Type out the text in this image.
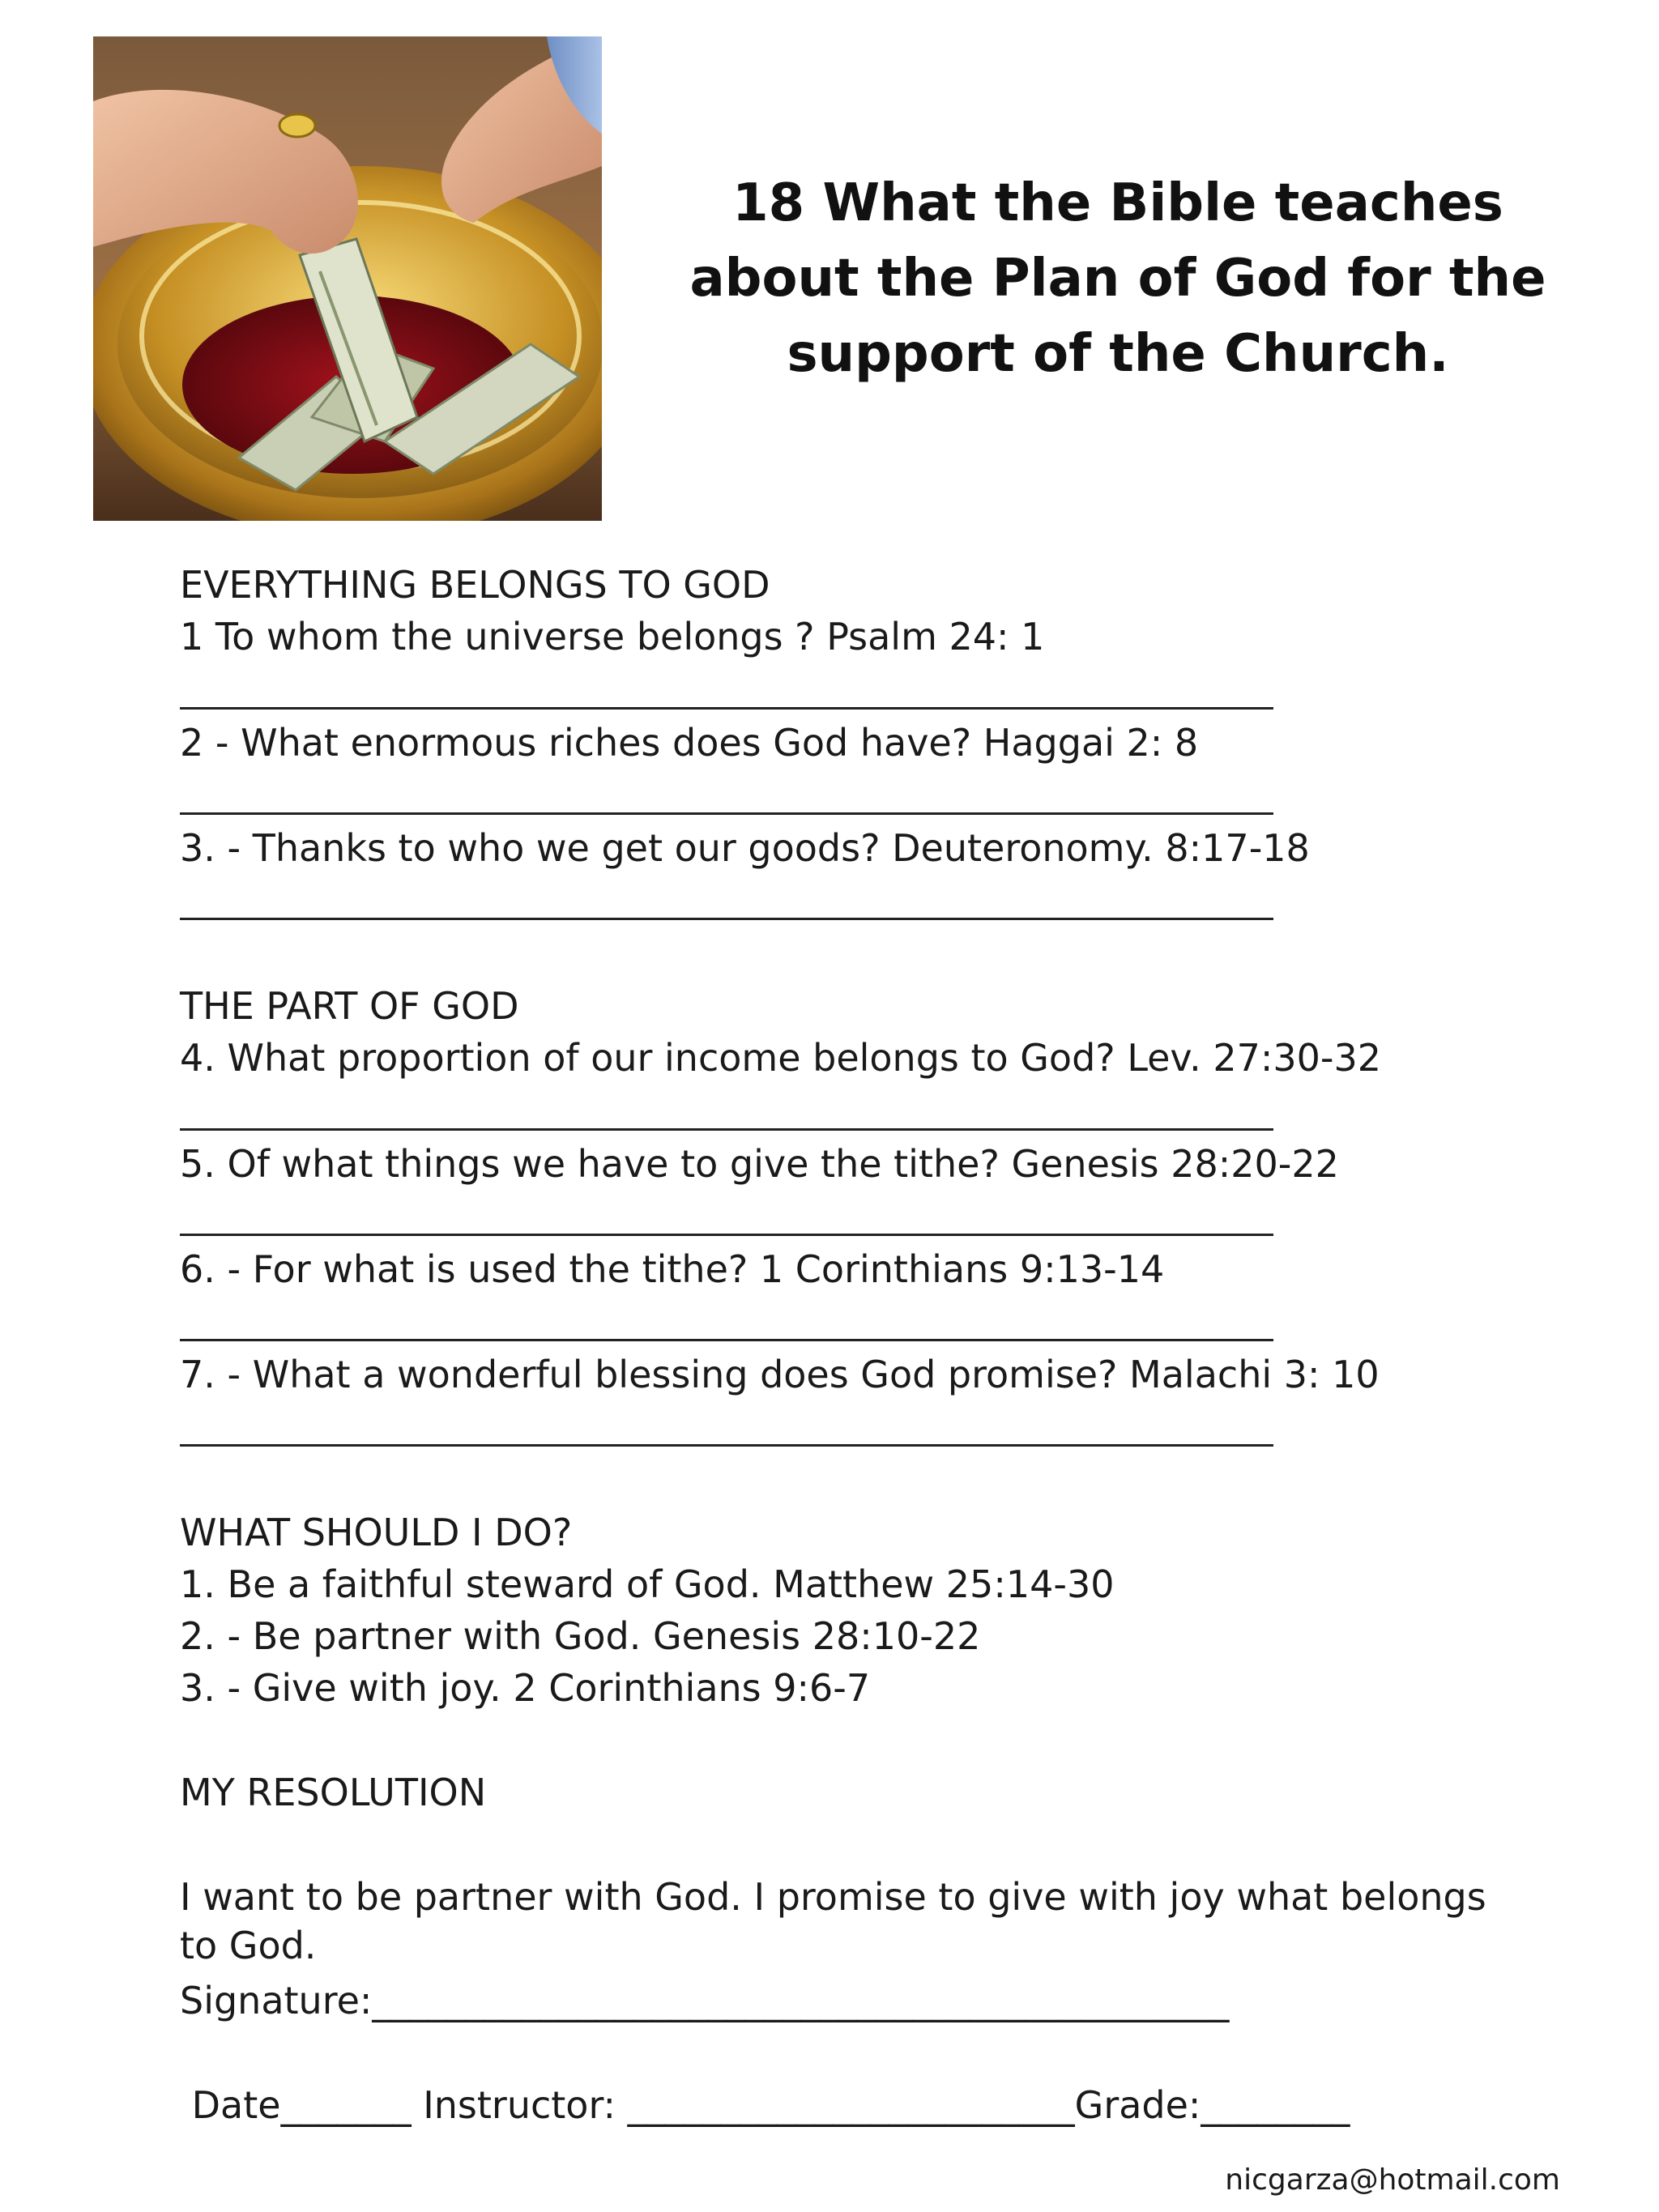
18 What the Bible teaches
about the Plan of God for the
support of the Church.
EVERYTHING BELONGS TO GOD
1 To whom the universe belongs ? Psalm 24: 1
2 - What enormous riches does God have? Haggai 2: 8
3. - Thanks to who we get our goods? Deuteronomy. 8:17-18
THE PART OF GOD
4. What proportion of our income belongs to God? Lev. 27:30-32
5. Of what things we have to give the tithe? Genesis 28:20-22
6. - For what is used the tithe? 1 Corinthians 9:13-14
7. - What a wonderful blessing does God promise? Malachi 3: 10
WHAT SHOULD I DO?
1. Be a faithful steward of God. Matthew 25:14-30
2. - Be partner with God. Genesis 28:10-22
3. - Give with joy. 2 Corinthians 9:6-7
MY RESOLUTION
I want to be partner with God. I promise to give with joy what belongs to God.
Signature:______________________________________________
Date_______ Instructor: ________________________Grade:________
nicgarza@hotmail.com
